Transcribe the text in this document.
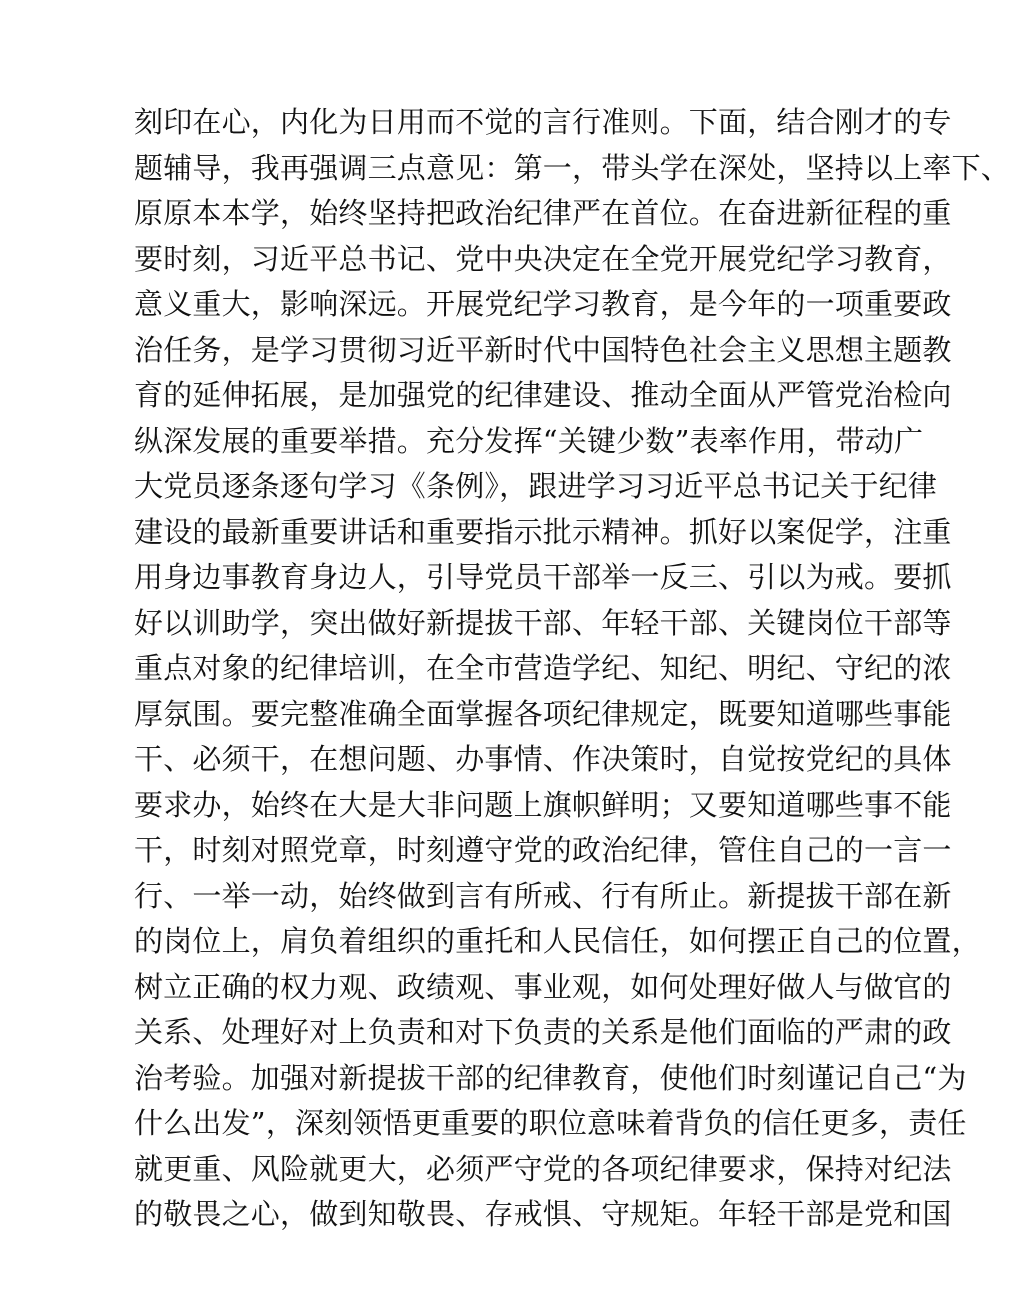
刻印在心，内化为日用而不觉的言行准则。下面，结合刚才的专
题辅导，我再强调三点意见：第一，带头学在深处，坚持以上率下、
原原本本学，始终坚持把政治纪律严在首位。在奋进新征程的重
要时刻，习近平总书记、党中央决定在全党开展党纪学习教育，
意义重大，影响深远。开展党纪学习教育，是今年的一项重要政
治任务，是学习贯彻习近平新时代中国特色社会主义思想主题教
育的延伸拓展，是加强党的纪律建设、推动全面从严管党治检向
纵深发展的重要举措。充分发挥“关键少数”表率作用，带动广
大党员逐条逐句学习《条例》，跟进学习习近平总书记关于纪律
建设的最新重要讲话和重要指示批示精神。抓好以案促学，注重
用身边事教育身边人，引导党员干部举一反三、引以为戒。要抓
好以训助学，突出做好新提拔干部、年轻干部、关键岗位干部等
重点对象的纪律培训，在全市营造学纪、知纪、明纪、守纪的浓
厚氛围。要完整准确全面掌握各项纪律规定，既要知道哪些事能
干、必须干，在想问题、办事情、作决策时，自觉按党纪的具体
要求办，始终在大是大非问题上旗帜鲜明；又要知道哪些事不能
干，时刻对照党章，时刻遵守党的政治纪律，管住自己的一言一
行、一举一动，始终做到言有所戒、行有所止。新提拔干部在新
的岗位上，肩负着组织的重托和人民信任，如何摆正自己的位置，
树立正确的权力观、政绩观、事业观，如何处理好做人与做官的
关系、处理好对上负责和对下负责的关系是他们面临的严肃的政
治考验。加强对新提拔干部的纪律教育，使他们时刻谨记自己“为
什么出发”，深刻领悟更重要的职位意味着背负的信任更多，责任
就更重、风险就更大，必须严守党的各项纪律要求，保持对纪法
的敬畏之心，做到知敬畏、存戒惧、守规矩。年轻干部是党和国
